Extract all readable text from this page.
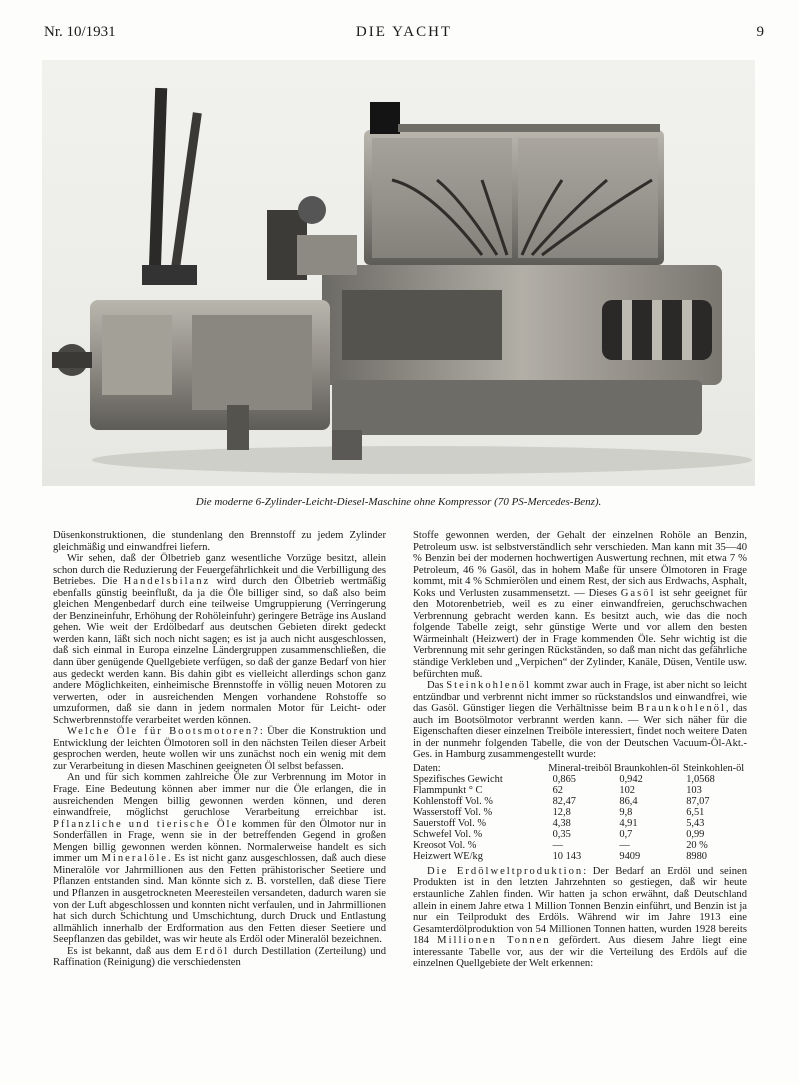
Nr. 10/1931	DIE YACHT	9
Die moderne 6-Zylinder-Leicht-Diesel-Maschine ohne Kompressor (70 PS-Mercedes-Benz).

Düsenkonstruktionen, die stundenlang den Brennstoff zu jedem Zylinder gleichmäßig und einwandfrei liefern.

Wir sehen, daß der Ölbetrieb ganz wesentliche Vorzüge besitzt, allein schon durch die Reduzierung der Feuergefährlichkeit und die Verbilligung des Betriebes. Die Handelsbilanz wird durch den Ölbetrieb wertmäßig ebenfalls günstig beeinflußt, da ja die Öle billiger sind, so daß also beim gleichen Mengenbedarf durch eine teilweise Umgruppierung (Verringerung der Benzineinfuhr, Erhöhung der Rohöleinfuhr) geringere Beträge ins Ausland gehen. Wie weit der Erdölbedarf aus deutschen Gebieten direkt gedeckt werden kann, läßt sich noch nicht sagen; es ist ja auch nicht ausgeschlossen, daß sich einmal in Europa einzelne Ländergruppen zusammenschließen, die dann über genügende Quellgebiete verfügen, so daß der ganze Bedarf von hier aus gedeckt werden kann. Bis dahin gibt es vielleicht allerdings schon ganz andere Möglichkeiten, einheimische Brennstoffe in völlig neuen Motoren zu verwerten, oder in ausreichenden Mengen vorhandene Rohstoffe so umzuformen, daß sie dann in jedem normalen Motor für Leicht- oder Schwerbrennstoffe verarbeitet werden können.

Welche Öle für Bootsmotoren?: Über die Konstruktion und Entwicklung der leichten Ölmotoren soll in den nächsten Teilen dieser Arbeit gesprochen werden, heute wollen wir uns zunächst noch ein wenig mit dem zur Verarbeitung in diesen Maschinen geeigneten Öl selbst befassen.

An und für sich kommen zahlreiche Öle zur Verbrennung im Motor in Frage. Eine Bedeutung können aber immer nur die Öle erlangen, die in ausreichenden Mengen billig gewonnen werden können, und deren einwandfreie, möglichst geruchlose Verarbeitung erreichbar ist. Pflanzliche und tierische Öle kommen für den Ölmotor nur in Sonderfällen in Frage, wenn sie in der betreffenden Gegend in großen Mengen billig gewonnen werden können. Normalerweise handelt es sich immer um Mineralöle. Es ist nicht ganz ausgeschlossen, daß auch diese Mineralöle vor Jahrmillionen aus den Fetten prähistorischer Seetiere und Pflanzen entstanden sind. Man könnte sich z. B. vorstellen, daß diese Tiere und Pflanzen in ausgetrockneten Meeresteilen versandeten, dadurch waren sie von der Luft abgeschlossen und konnten nicht verfaulen, und in Jahrmillionen hat sich durch Schichtung und Umschichtung, durch Druck und Entlastung allmählich innerhalb der Erdformation aus den Fetten dieser Seetiere und Seepflanzen das gebildet, was wir heute als Erdöl oder Mineralöl bezeichnen.

Es ist bekannt, daß aus dem Erdöl durch Destillation (Zerteilung) und Raffination (Reinigung) die verschiedensten

Stoffe gewonnen werden, der Gehalt der einzelnen Rohöle an Benzin, Petroleum usw. ist selbstverständlich sehr verschieden. Man kann mit 35—40 % Benzin bei der modernen hochwertigen Auswertung rechnen, mit etwa 7 % Petroleum, 46 % Gasöl, das in hohem Maße für unsere Ölmotoren in Frage kommt, mit 4 % Schmierölen und einem Rest, der sich aus Erdwachs, Asphalt, Koks und Verlusten zusammensetzt. — Dieses Gasöl ist sehr geeignet für den Motorenbetrieb, weil es zu einer einwandfreien, geruchschwachen Verbrennung gebracht werden kann. Es besitzt auch, wie das die noch folgende Tabelle zeigt, sehr günstige Werte und vor allem den besten Wärmeinhalt (Heizwert) der in Frage kommenden Öle. Sehr wichtig ist die Verbrennung mit sehr geringen Rückständen, so daß man nicht das gefährliche ständige Verkleben und „Verpichen“ der Zylinder, Kanäle, Düsen, Ventile usw. befürchten muß.

Das Steinkohlenöl kommt zwar auch in Frage, ist aber nicht so leicht entzündbar und verbrennt nicht immer so rückstandslos und einwandfrei, wie das Gasöl. Günstiger liegen die Verhältnisse beim Braunkohlenöl, das auch im Bootsölmotor verbrannt werden kann. — Wer sich näher für die Eigenschaften dieser einzelnen Treiböle interessiert, findet noch weitere Daten in der nunmehr folgenden Tabelle, die von der Deutschen Vacuum-Öl-Akt.-Ges. in Hamburg zusammengestellt wurde:

Daten:	Mineral-treiböl	Braunkohlen-öl	Steinkohlen-öl
Spezifisches Gewicht	0,865	0,942	1,0568
Flammpunkt ° C	62	102	103
Kohlenstoff Vol. %	82,47	86,4	87,07
Wasserstoff Vol. %	12,8	9,8	6,51
Sauerstoff Vol. %	4,38	4,91	5,43
Schwefel Vol. %	0,35	0,7	0,99
Kreosot Vol. %	—	—	20 %
Heizwert WE/kg	10 143	9409	8980

Die Erdölweltproduktion: Der Bedarf an Erdöl und seinen Produkten ist in den letzten Jahrzehnten so gestiegen, daß wir heute erstaunliche Zahlen finden. Wir hatten ja schon erwähnt, daß Deutschland allein in einem Jahre etwa 1 Million Tonnen Benzin einführt, und Benzin ist ja nur ein Teilprodukt des Erdöls. Während wir im Jahre 1913 eine Gesamterdölproduktion von 54 Millionen Tonnen hatten, wurden 1928 bereits 184 Millionen Tonnen gefördert. Aus diesem Jahre liegt eine interessante Tabelle vor, aus der wir die Verteilung des Erdöls auf die einzelnen Quellgebiete der Welt erkennen:
